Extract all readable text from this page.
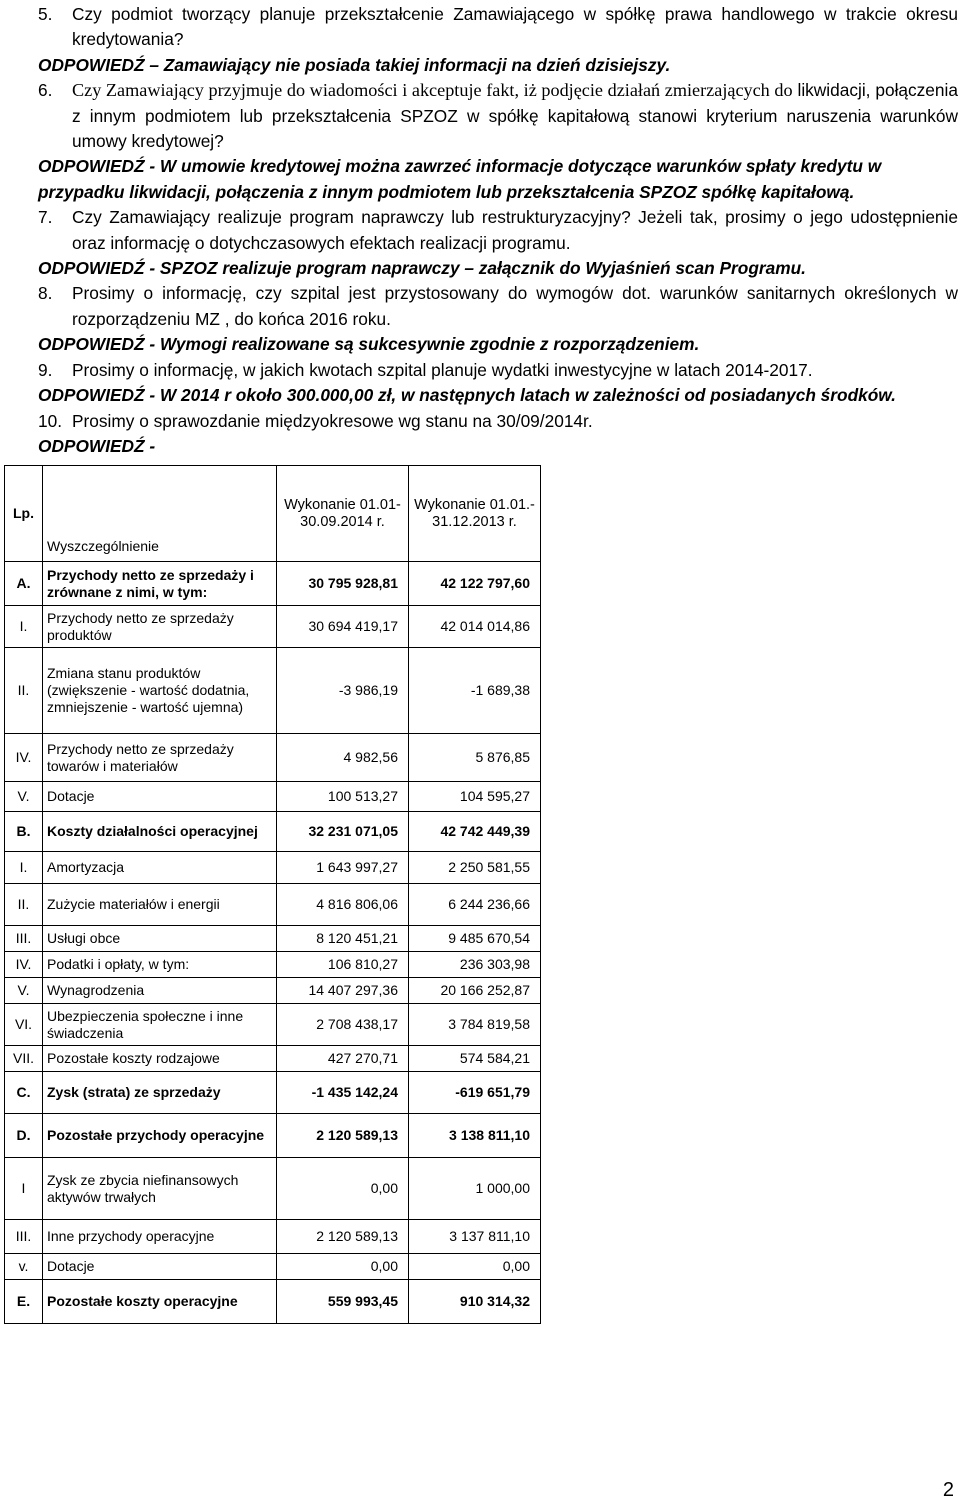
5. Czy podmiot tworzący planuje przekształcenie Zamawiającego w spółkę prawa handlowego w trakcie okresu kredytowania?
ODPOWIEDŹ – Zamawiający nie posiada takiej informacji na dzień dzisiejszy.
6. Czy Zamawiający przyjmuje do wiadomości i akceptuje fakt, iż podjęcie działań zmierzających do likwidacji, połączenia z innym podmiotem lub przekształcenia SPZOZ w spółkę kapitałową stanowi kryterium naruszenia warunków umowy kredytowej?
ODPOWIEDŹ - W umowie kredytowej można zawrzeć informacje dotyczące warunków spłaty kredytu w przypadku likwidacji, połączenia z innym podmiotem lub przekształcenia SPZOZ spółkę kapitałową.
7. Czy Zamawiający realizuje program naprawczy lub restrukturyzacyjny? Jeżeli tak, prosimy o jego udostępnienie oraz informację o dotychczasowych efektach realizacji programu.
ODPOWIEDŹ - SPZOZ realizuje program naprawczy – załącznik do Wyjaśnień scan Programu.
8. Prosimy o informację, czy szpital jest przystosowany do wymogów dot. warunków sanitarnych określonych w rozporządzeniu MZ , do końca 2016 roku.
ODPOWIEDŹ - Wymogi realizowane są sukcesywnie zgodnie z rozporządzeniem.
9. Prosimy o informację, w jakich kwotach szpital planuje wydatki inwestycyjne w latach 2014-2017.
ODPOWIEDŹ - W 2014 r około 300.000,00 zł, w następnych latach w zależności od posiadanych środków.
10. Prosimy o sprawozdanie międzyokresowe wg stanu na 30/09/2014r.
ODPOWIEDŹ -
Lp.	Wyszczególnienie	Wykonanie 01.01- 30.09.2014 r.	Wykonanie 01.01.- 31.12.2013 r.
A.	Przychody netto ze sprzedaży i zrównane z nimi, w tym:	30 795 928,81	42 122 797,60
I.	Przychody netto ze sprzedaży produktów	30 694 419,17	42 014 014,86
II.	Zmiana stanu produktów (zwiększenie - wartość dodatnia, zmniejszenie - wartość ujemna)	-3 986,19	-1 689,38
IV.	Przychody netto ze sprzedaży towarów i materiałów	4 982,56	5 876,85
V.	Dotacje	100 513,27	104 595,27
B.	Koszty działalności operacyjnej	32 231 071,05	42 742 449,39
I.	Amortyzacja	1 643 997,27	2 250 581,55
II.	Zużycie materiałów i energii	4 816 806,06	6 244 236,66
III.	Usługi obce	8 120 451,21	9 485 670,54
IV.	Podatki i opłaty, w tym:	106 810,27	236 303,98
V.	Wynagrodzenia	14 407 297,36	20 166 252,87
VI.	Ubezpieczenia społeczne i inne świadczenia	2 708 438,17	3 784 819,58
VII.	Pozostałe koszty rodzajowe	427 270,71	574 584,21
C.	Zysk (strata) ze sprzedaży	-1 435 142,24	-619 651,79
D.	Pozostałe przychody operacyjne	2 120 589,13	3 138 811,10
I	Zysk ze zbycia niefinansowych aktywów trwałych	0,00	1 000,00
III.	Inne przychody operacyjne	2 120 589,13	3 137 811,10
v.	Dotacje	0,00	0,00
E.	Pozostałe koszty operacyjne	559 993,45	910 314,32
2
